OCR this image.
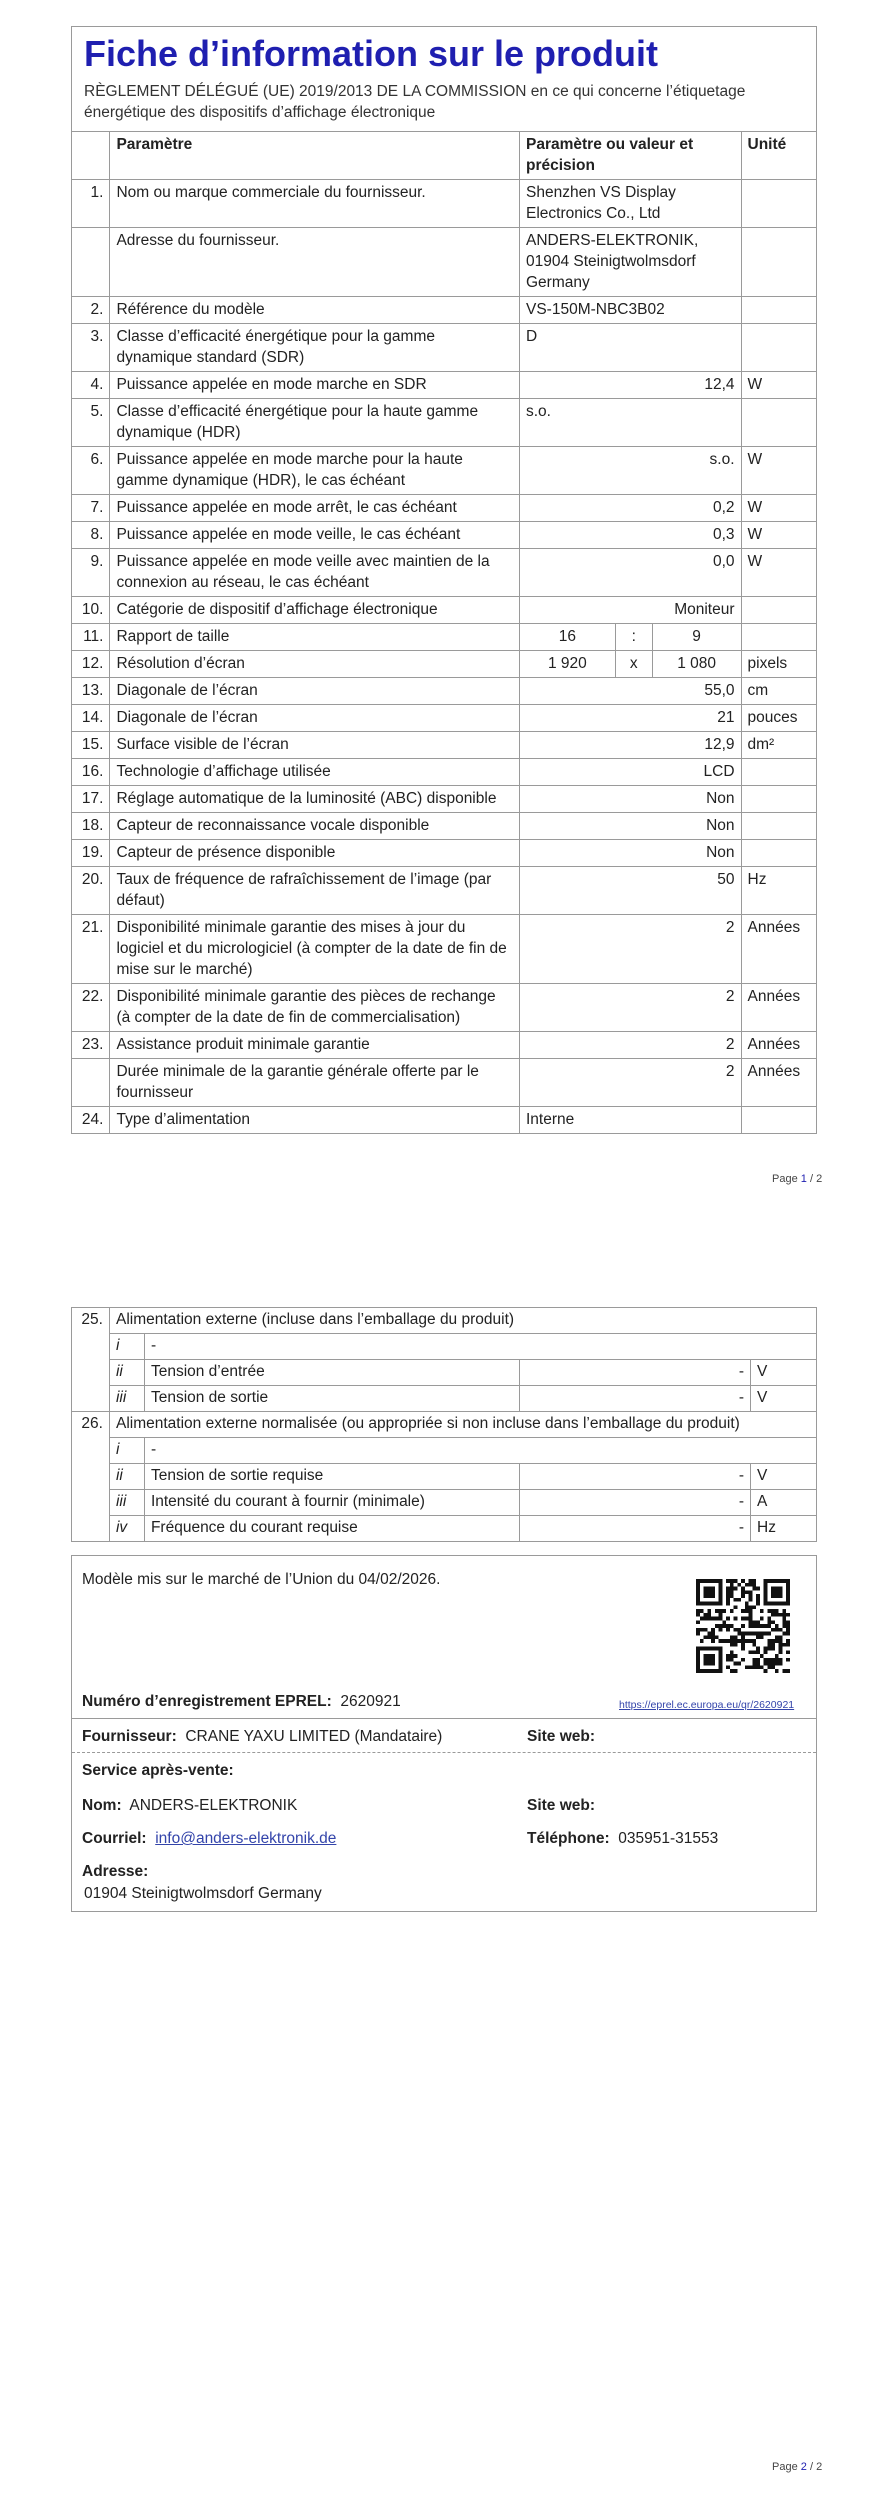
Fiche d’information sur le produit
RÈGLEMENT DÉLÉGUÉ (UE) 2019/2013 DE LA COMMISSION en ce qui concerne l’étiquetage énergétique des dispositifs d’affichage électronique
	Paramètre	Paramètre ou valeur et précision			Unité
1.	Nom ou marque commerciale du fournisseur.	Shenzhen VS Display Electronics Co., Ltd			
	Adresse du fournisseur.	ANDERS-ELEKTRONIK, 01904 Steinigtwolmsdorf Germany			
2.	Référence du modèle	VS-150M-NBC3B02			
3.	Classe d’efficacité énergétique pour la gamme dynamique standard (SDR)	D			
4.	Puissance appelée en mode marche en SDR	12,4			W
5.	Classe d’efficacité énergétique pour la haute gamme dynamique (HDR)	s.o.			
6.	Puissance appelée en mode marche pour la haute gamme dynamique (HDR), le cas échéant	s.o.			W
7.	Puissance appelée en mode arrêt, le cas échéant	0,2			W
8.	Puissance appelée en mode veille, le cas échéant	0,3			W
9.	Puissance appelée en mode veille avec maintien de la connexion au réseau, le cas échéant	0,0			W
10.	Catégorie de dispositif d’affichage électronique	Moniteur			
11.	Rapport de taille	16	:	9	
12.	Résolution d’écran	1 920	x	1 080	pixels
13.	Diagonale de l’écran	55,0			cm
14.	Diagonale de l’écran	21			pouces
15.	Surface visible de l’écran	12,9			dm²
16.	Technologie d’affichage utilisée	LCD			
17.	Réglage automatique de la luminosité (ABC) disponible	Non			
18.	Capteur de reconnaissance vocale disponible	Non			
19.	Capteur de présence disponible	Non			
20.	Taux de fréquence de rafraîchissement de l’image (par défaut)	50			Hz
21.	Disponibilité minimale garantie des mises à jour du logiciel et du micrologiciel (à compter de la date de fin de mise sur le marché)	2			Années
22.	Disponibilité minimale garantie des pièces de rechange (à compter de la date de fin de commercialisation)	2			Années
23.	Assistance produit minimale garantie	2			Années
	Durée minimale de la garantie générale offerte par le fournisseur	2			Années
24.	Type d’alimentation	Interne			
Page 1 / 2
25.	Alimentation externe (incluse dans l’emballage du produit)			
	i	-		
	ii	Tension d’entrée	-	V
	iii	Tension de sortie	-	V
26.	Alimentation externe normalisée (ou appropriée si non incluse dans l’emballage du produit)			
	i	-		
	ii	Tension de sortie requise	-	V
	iii	Intensité du courant à fournir (minimale)	-	A
	iv	Fréquence du courant requise	-	Hz
Modèle mis sur le marché de l’Union du 04/02/2026.
Numéro d’enregistrement EPREL: 2620921	https://eprel.ec.europa.eu/qr/2620921
Fournisseur: CRANE YAXU LIMITED (Mandataire)	Site web:
Service après-vente:
Nom: ANDERS-ELEKTRONIK	Site web:
Courriel: info@anders-elektronik.de	Téléphone: 035951-31553
Adresse:
01904 Steinigtwolmsdorf Germany
Page 2 / 2
